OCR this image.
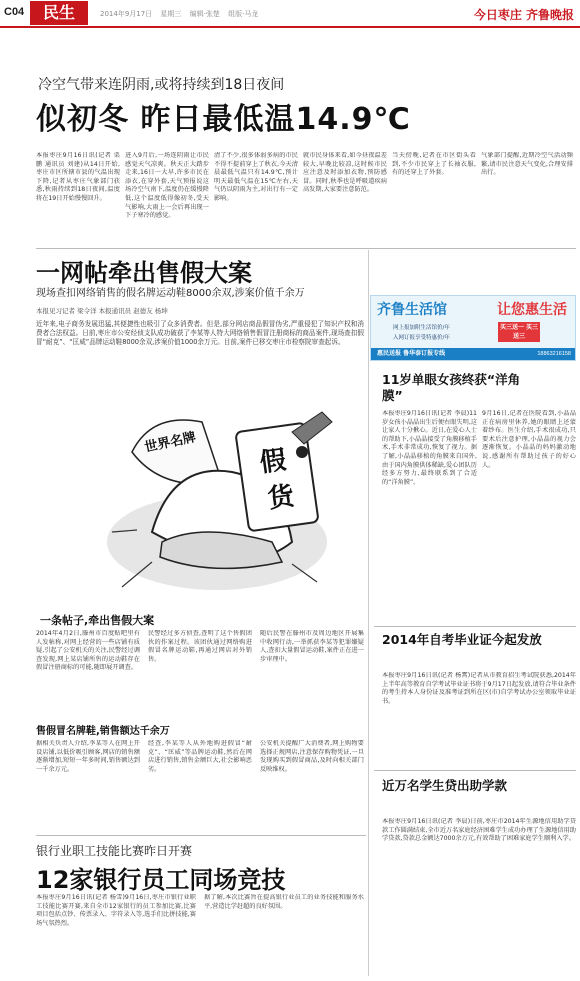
C04	民生	2014年9月17日 星期三 编辑·张楚 组版·马龙	今日枣庄 齐鲁晚报
冷空气带来连阴雨,或将持续到18日夜间
似初冬 昨日最低温14.9℃
本报枣庄9月16日讯(记者 栗鹏 通讯员 刘建)从14日开始,枣庄市区所辖市县的气温出现下降,记者从枣庄气象部门获悉,秋雨持续到18日夜间,温度将在19日开始慢慢回升。
进入9月后,一场连阴雨让市民感觉天气凉爽。秋天正大踏步走来,16日一大早,许多市民在添衣,在穿外套,天气预报说这场冷空气南下,温度仍在缓慢降低,这个温度低得像初冬,受天气影响,大雨上一会后再出现一下子寒冷的感觉。
清了不少,很多体弱多病的市民不得不提前穿上了秋衣,今天清晨最低气温只有14.9℃,预计明天最低气温在15℃左右,天气仍以阴雨为主,对出行有一定影响。
就市民身体来看,如今昼夜温差较大,早晚比较凉,这时候市民应注意及时添加衣物,预防感冒。同时,秋季也是呼吸道疾病高发期,大家要注意防范。
当天傍晚,记者在市区街头看到,不少市民穿上了长袖衣服,有的还穿上了外套。
气象部门提醒,近期冷空气活动频繁,请市民注意天气变化,合理安排出行。
一网帖牵出售假大案
现场查扣网络销售的假名牌运动鞋8000余双,涉案价值千余万
本报见习记者 梁令洋 本报通讯员 赵德友 杨坤
近年来,电子商务发展迅猛,其便捷性也吸引了众多消费者。但是,部分网店商品假冒伪劣,严重侵犯了知识产权和消费者合法权益。日前,枣庄市公安经侦支队成功破获了李某等人特大网络销售假冒注册商标的商品案件,现场查扣假冒“耐克”、“匡威”品牌运动鞋8000余双,涉案价值1000余万元。目前,案件已移交枣庄市检察院审查起诉。
世界名牌
假
货
一条帖子,牵出售假大案
2014年4月2日,滕州市百度贴吧里有人发帖称,对网上经营的一些店铺有质疑,引起了公安机关的关注,民警经过调查发现,网上某店铺所售的运动鞋存在假冒注册商标的可能,随即展开调查。
民警经过多方侦查,查明了这个售假团伙的作案过程。该团伙通过网络购进假冒名牌运动鞋,再通过网店对外销售。
随后民警在滕州市及周边地区开展集中收网行动,一举抓获李某等犯罪嫌疑人,查扣大量假冒运动鞋,案件正在进一步审理中。
售假冒名牌鞋,销售额达千余万
据相关负责人介绍,李某等人在网上开设店铺,以低价吸引顾客,网店的销售额逐渐增加,短短一年多时间,销售额达到一千余万元。
经查,李某等人从外地购进假冒“耐克”、“匡威”等品牌运动鞋,然后在网店进行销售,销售金额巨大,社会影响恶劣。
公安机关提醒广大消费者,网上购物要选择正规网店,注意保存购物凭证,一旦发现购买到假冒商品,及时向相关部门反映维权。
齐鲁生活馆	让您惠生活
网上报加附生活馆价/年
入网订报享受特惠价/年
买三送一 买三送三
惠民送报 鲁华泰订报专线	18863216158
11岁单眼女孩终获“洋角膜”
本报枣庄9月16日讯(记者 李晨)11岁女孩小晶晶出生后便右眼失明,这让家人十分揪心。近日,在爱心人士的帮助下,小晶晶接受了角膜移植手术,手术非常成功,恢复了视力。据了解,小晶晶移植的角膜来自国外,由于国内角膜供体稀缺,爱心团队历经多方努力,最终联系到了合适的“洋角膜”。
9月16日,记者在医院看到,小晶晶正在病房里休养,她的眼睛上还蒙着纱布。医生介绍,手术很成功,只要术后注意护理,小晶晶的视力会逐渐恢复。小晶晶的妈妈激动地说,感谢所有帮助过孩子的好心人。
2014年自考毕业证今起发放
本报枣庄9月16日讯(记者 杨霄)记者从市教育招生考试院获悉,2014年上半年高等教育自学考试毕业证书将于9月17日起发放,请符合毕业条件的考生持本人身份证及准考证到所在区(市)自学考试办公室领取毕业证书。
近万名学生贷出助学款
本报枣庄9月16日讯(记者 李晨)日前,枣庄市2014年生源地信用助学贷款工作圆满结束,全市近万名家庭经济困难学生成功办理了生源地信用助学贷款,贷款总金额达7000余万元,有效帮助了困难家庭学生顺利入学。
银行业职工技能比赛昨日开赛
12家银行员工同场竞技
本报枣庄9月16日讯(记者 杨雪)9月16日,枣庄市银行业职工技能比赛开赛,来自全市12家银行的员工参加比赛,比赛项目包括点钞、传票录入、字符录入等,选手们比拼技能,赛场气氛热烈。
据了解,本次比赛旨在提高银行业员工的业务技能和服务水平,营造比学赶超的良好氛围。
